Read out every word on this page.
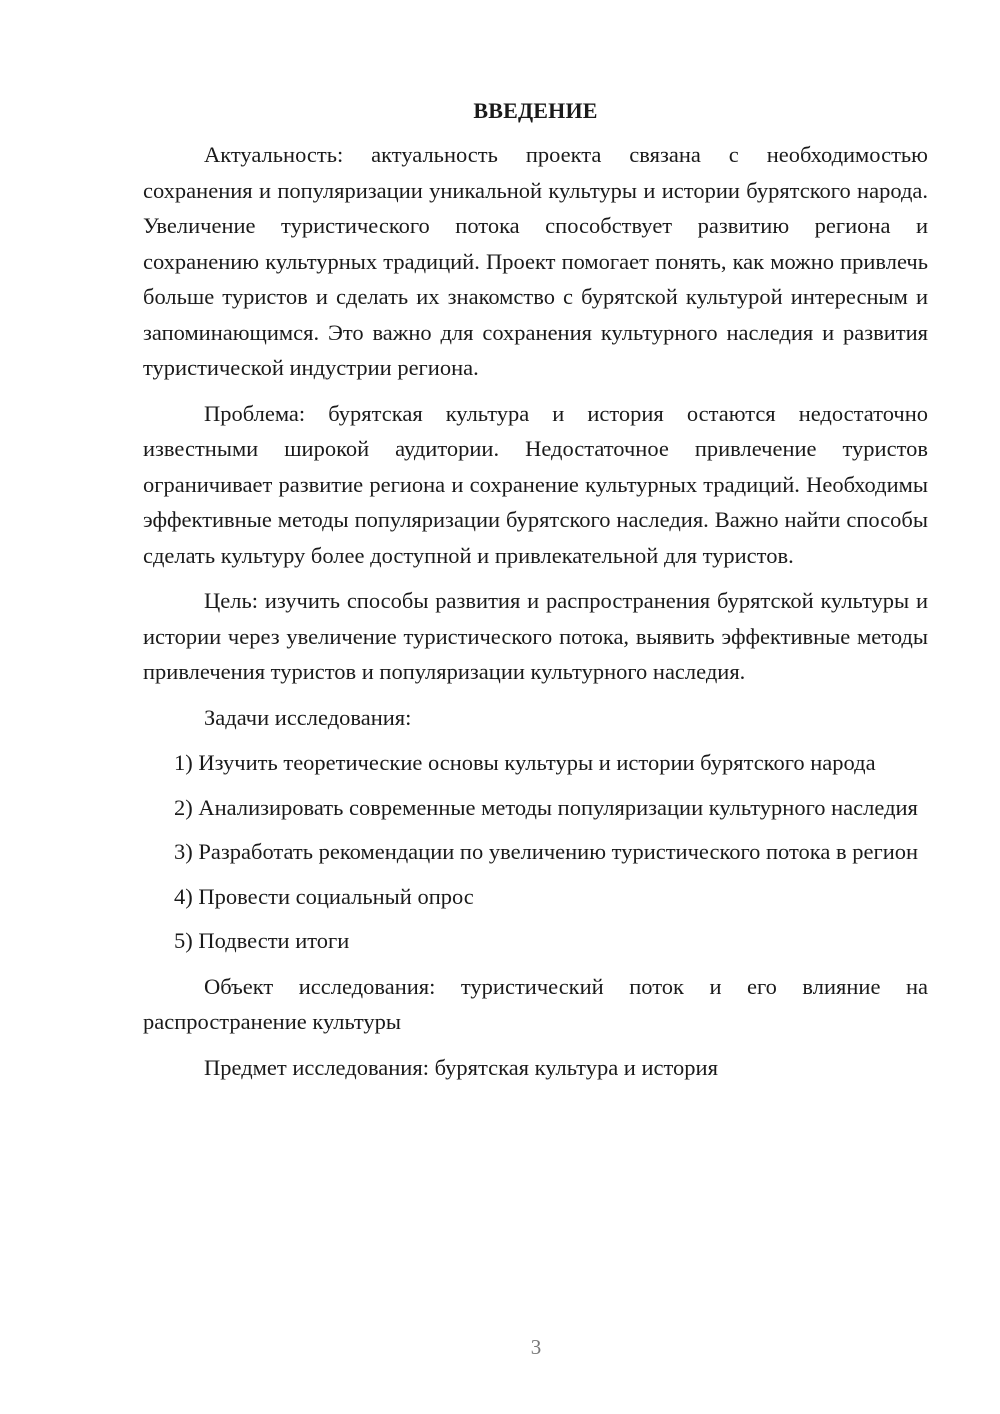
ВВЕДЕНИЕ

Актуальность: актуальность проекта связана с необходимостью сохранения и популяризации уникальной культуры и истории бурятского народа. Увеличение туристического потока способствует развитию региона и сохранению культурных традиций. Проект помогает понять, как можно привлечь больше туристов и сделать их знакомство с бурятской культурой интересным и запоминающимся. Это важно для сохранения культурного наследия и развития туристической индустрии региона.

Проблема: бурятская культура и история остаются недостаточно известными широкой аудитории. Недостаточное привлечение туристов ограничивает развитие региона и сохранение культурных традиций. Необходимы эффективные методы популяризации бурятского наследия. Важно найти способы сделать культуру более доступной и привлекательной для туристов.

Цель: изучить способы развития и распространения бурятской культуры и истории через увеличение туристического потока, выявить эффективные методы привлечения туристов и популяризации культурного наследия.

Задачи исследования:

1) Изучить теоретические основы культуры и истории бурятского народа

2) Анализировать современные методы популяризации культурного наследия

3) Разработать рекомендации по увеличению туристического потока в регион

4) Провести социальный опрос

5) Подвести итоги

Объект исследования: туристический поток и его влияние на распространение культуры

Предмет исследования: бурятская культура и история

3
